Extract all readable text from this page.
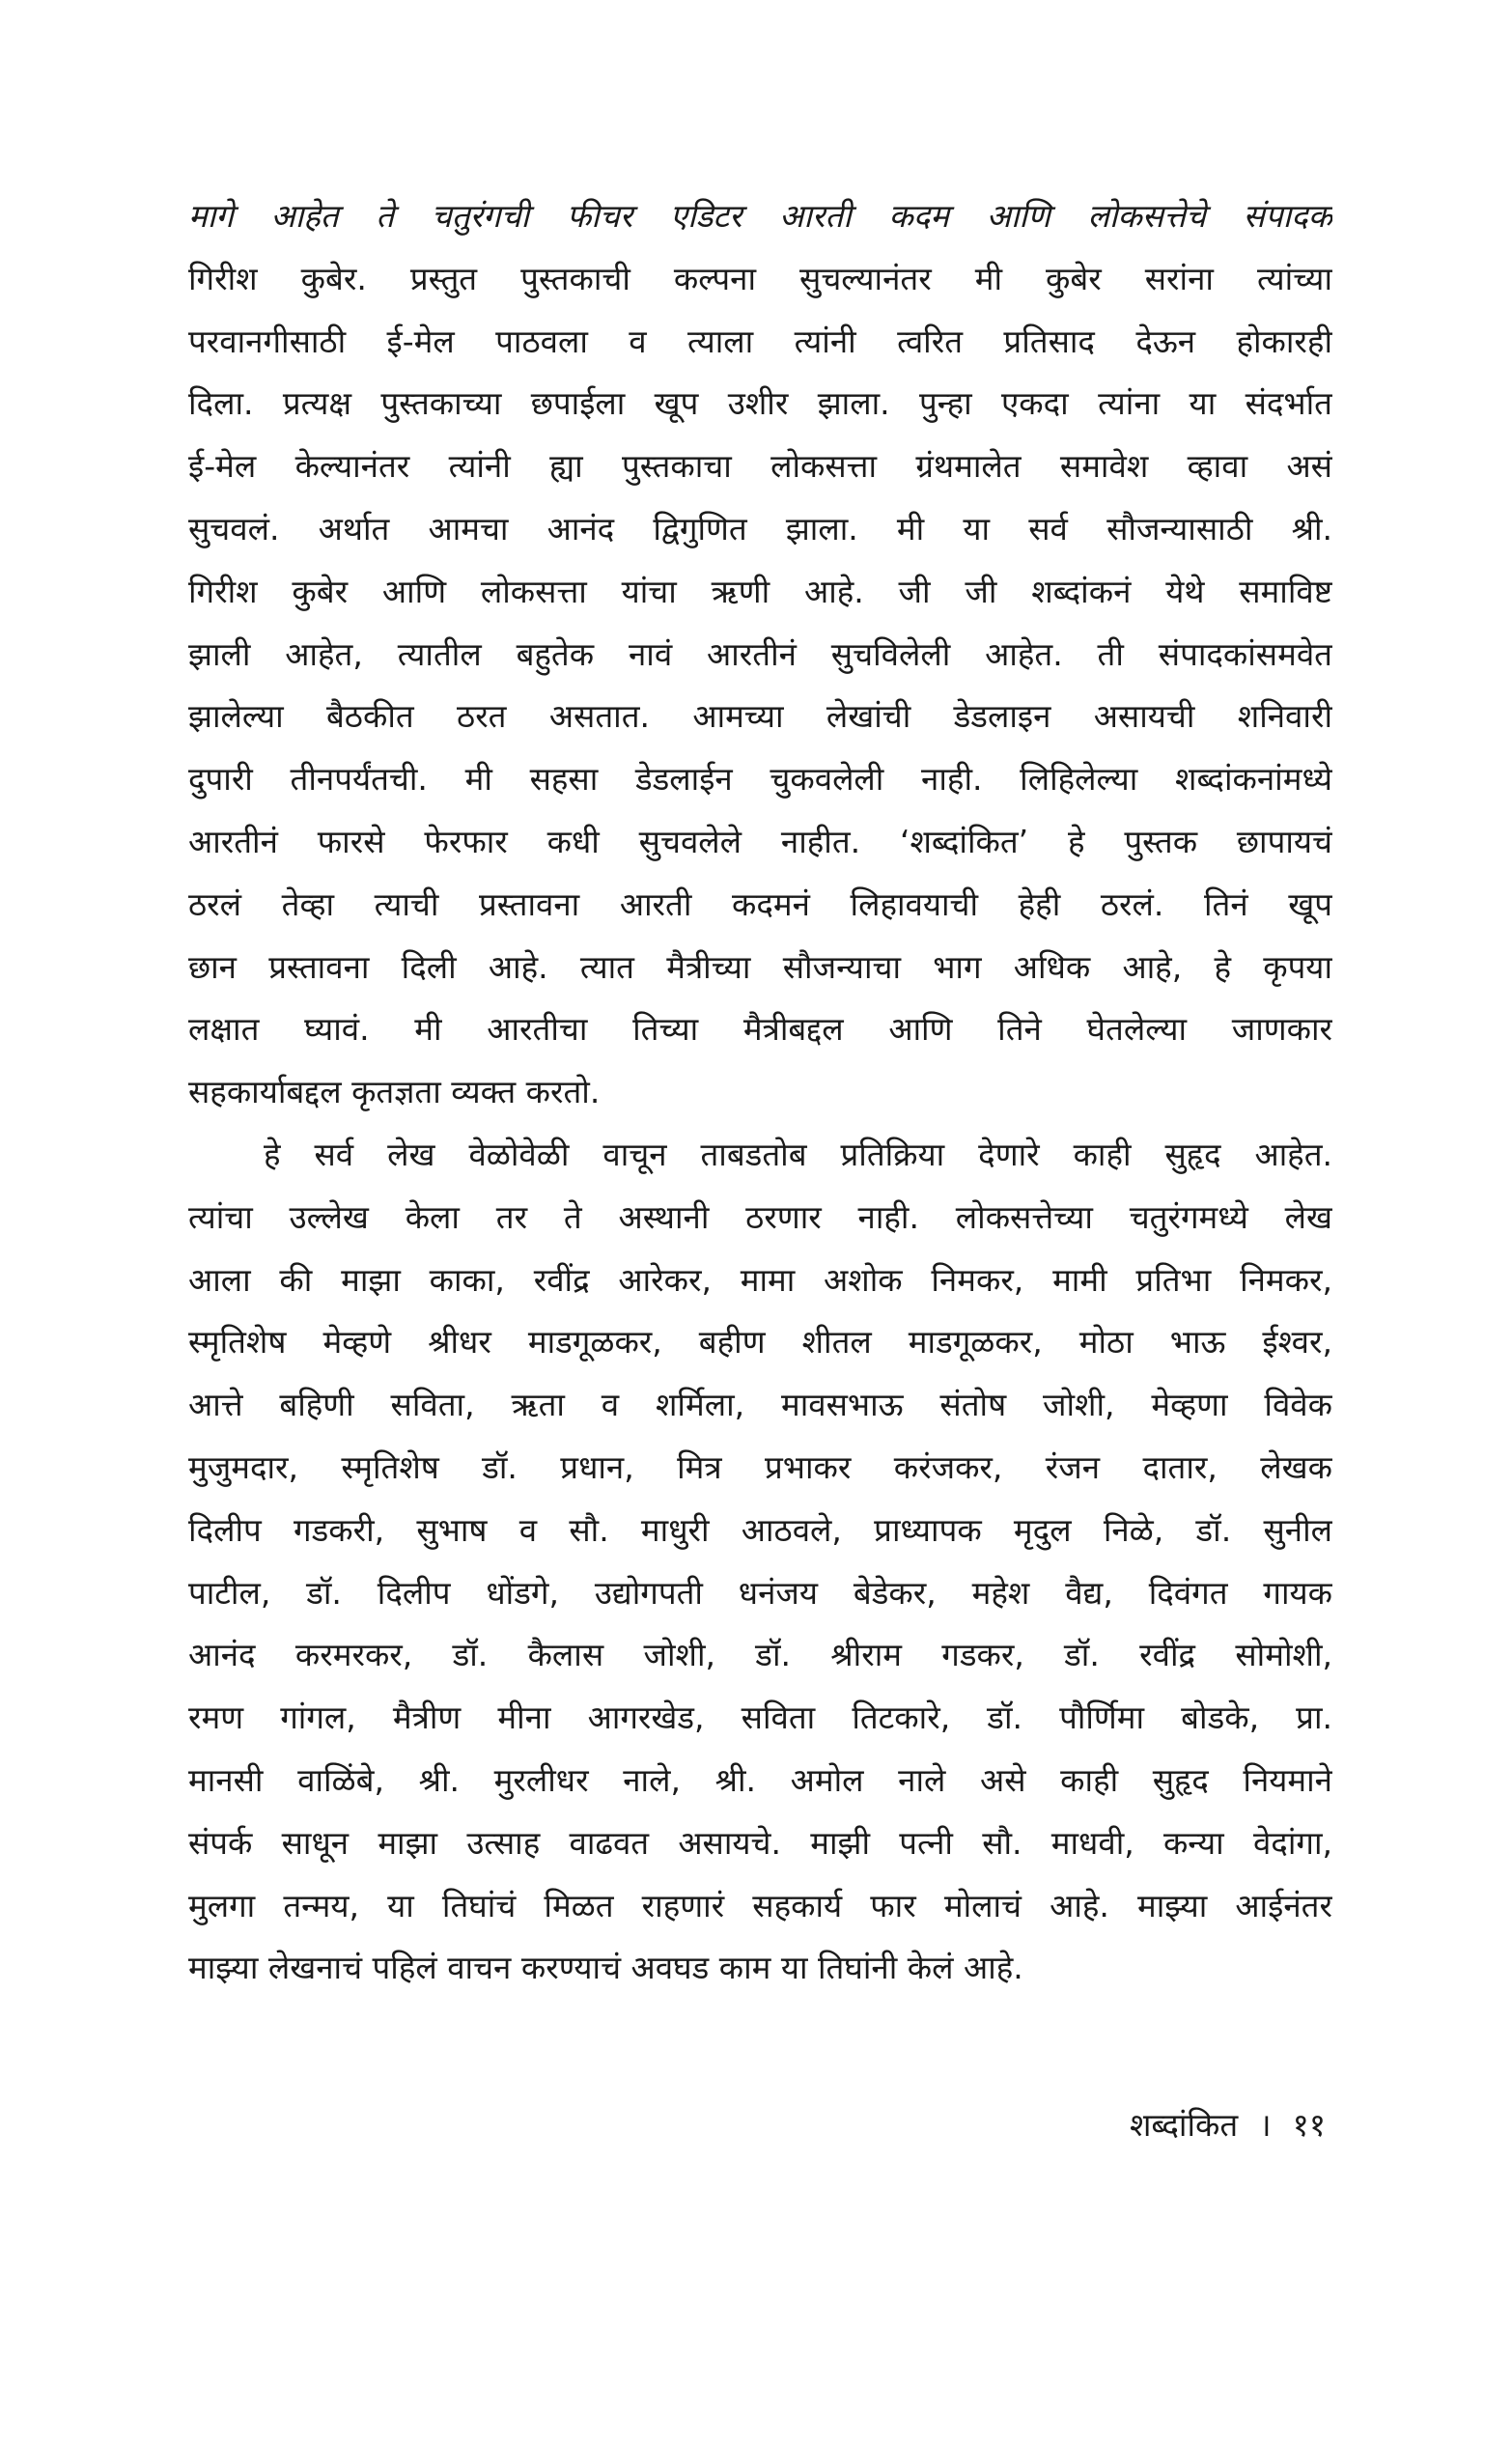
मागे आहेत ते चतुरंगची फीचर एडिटर आरती कदम आणि लोकसत्तेचे संपादक
गिरीश कुबेर. प्रस्तुत पुस्तकाची कल्पना सुचल्यानंतर मी कुबेर सरांना त्यांच्या
परवानगीसाठी ई-मेल पाठवला व त्याला त्यांनी त्वरित प्रतिसाद देऊन होकारही
दिला. प्रत्यक्ष पुस्तकाच्या छपाईला खूप उशीर झाला. पुन्हा एकदा त्यांना या संदर्भात
ई-मेल केल्यानंतर त्यांनी ह्या पुस्तकाचा लोकसत्ता ग्रंथमालेत समावेश व्हावा असं
सुचवलं. अर्थात आमचा आनंद द्विगुणित झाला. मी या सर्व सौजन्यासाठी श्री.
गिरीश कुबेर आणि लोकसत्ता यांचा ऋणी आहे. जी जी शब्दांकनं येथे समाविष्ट
झाली आहेत, त्यातील बहुतेक नावं आरतीनं सुचविलेली आहेत. ती संपादकांसमवेत
झालेल्या बैठकीत ठरत असतात. आमच्या लेखांची डेडलाइन असायची शनिवारी
दुपारी तीनपर्यंतची. मी सहसा डेडलाईन चुकवलेली नाही. लिहिलेल्या शब्दांकनांमध्ये
आरतीनं फारसे फेरफार कधी सुचवलेले नाहीत. ‘शब्दांकित’ हे पुस्तक छापायचं
ठरलं तेव्हा त्याची प्रस्तावना आरती कदमनं लिहावयाची हेही ठरलं. तिनं खूप
छान प्रस्तावना दिली आहे. त्यात मैत्रीच्या सौजन्याचा भाग अधिक आहे, हे कृपया
लक्षात घ्यावं. मी आरतीचा तिच्या मैत्रीबद्दल आणि तिने घेतलेल्या जाणकार
सहकार्याबद्दल कृतज्ञता व्यक्त करतो.
हे सर्व लेख वेळोवेळी वाचून ताबडतोब प्रतिक्रिया देणारे काही सुहृद आहेत.
त्यांचा उल्लेख केला तर ते अस्थानी ठरणार नाही. लोकसत्तेच्या चतुरंगमध्ये लेख
आला की माझा काका, रवींद्र आरेकर, मामा अशोक निमकर, मामी प्रतिभा निमकर,
स्मृतिशेष मेव्हणे श्रीधर माडगूळकर, बहीण शीतल माडगूळकर, मोठा भाऊ ईश्वर,
आत्ते बहिणी सविता, ऋता व शर्मिला, मावसभाऊ संतोष जोशी, मेव्हणा विवेक
मुजुमदार, स्मृतिशेष डॉ. प्रधान, मित्र प्रभाकर करंजकर, रंजन दातार, लेखक
दिलीप गडकरी, सुभाष व सौ. माधुरी आठवले, प्राध्यापक मृदुल निळे, डॉ. सुनील
पाटील, डॉ. दिलीप धोंडगे, उद्योगपती धनंजय बेडेकर, महेश वैद्य, दिवंगत गायक
आनंद करमरकर, डॉ. कैलास जोशी, डॉ. श्रीराम गडकर, डॉ. रवींद्र सोमोशी,
रमण गांगल, मैत्रीण मीना आगरखेड, सविता तिटकारे, डॉ. पौर्णिमा बोडके, प्रा.
मानसी वाळिंबे, श्री. मुरलीधर नाले, श्री. अमोल नाले असे काही सुहृद नियमाने
संपर्क साधून माझा उत्साह वाढवत असायचे. माझी पत्नी सौ. माधवी, कन्या वेदांगा,
मुलगा तन्मय, या तिघांचं मिळत राहणारं सहकार्य फार मोलाचं आहे. माझ्या आईनंतर
माझ्या लेखनाचं पहिलं वाचन करण्याचं अवघड काम या तिघांनी केलं आहे.
शब्दांकित । ११
